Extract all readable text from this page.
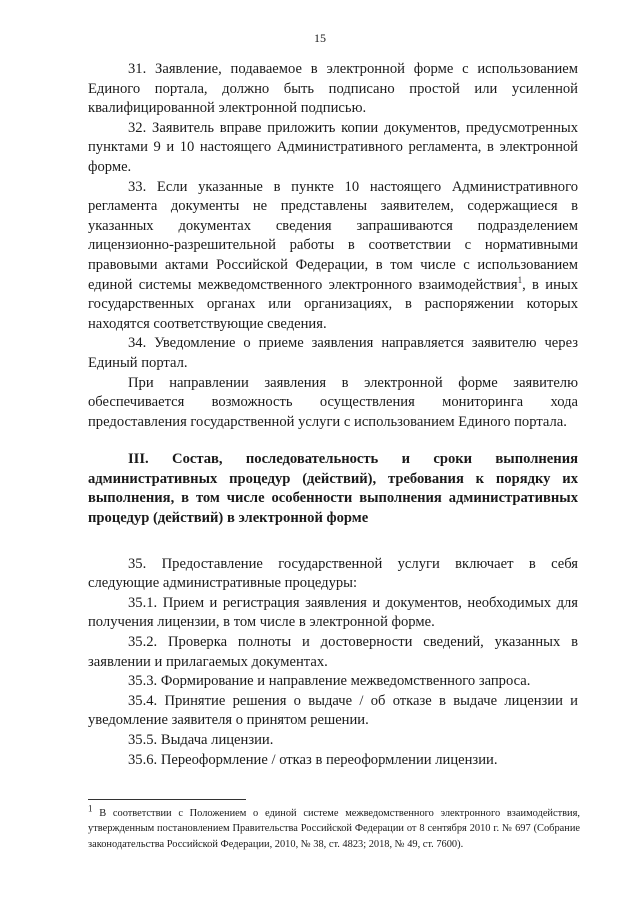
15

31. Заявление, подаваемое в электронной форме с использованием Единого портала, должно быть подписано простой или усиленной квалифицированной электронной подписью.

32. Заявитель вправе приложить копии документов, предусмотренных пунктами 9 и 10 настоящего Административного регламента, в электронной форме.

33. Если указанные в пункте 10 настоящего Административного регламента документы не представлены заявителем, содержащиеся в указанных документах сведения запрашиваются подразделением лицензионно-разрешительной работы в соответствии с нормативными правовыми актами Российской Федерации, в том числе с использованием единой системы межведомственного электронного взаимодействия$^1$, в иных государственных органах или организациях, в распоряжении которых находятся соответствующие сведения.

34. Уведомление о приеме заявления направляется заявителю через Единый портал.

При направлении заявления в электронной форме заявителю обеспечивается возможность осуществления мониторинга хода предоставления государственной услуги с использованием Единого портала.

III. Состав, последовательность и сроки выполнения административных процедур (действий), требования к порядку их выполнения, в том числе особенности выполнения административных процедур (действий) в электронной форме

35. Предоставление государственной услуги включает в себя следующие административные процедуры:

35.1. Прием и регистрация заявления и документов, необходимых для получения лицензии, в том числе в электронной форме.

35.2. Проверка полноты и достоверности сведений, указанных в заявлении и прилагаемых документах.

35.3. Формирование и направление межведомственного запроса.

35.4. Принятие решения о выдаче / об отказе в выдаче лицензии и уведомление заявителя о принятом решении.

35.5. Выдача лицензии.

35.6. Переоформление / отказ в переоформлении лицензии.

$^1$ В соответствии с Положением о единой системе межведомственного электронного взаимодействия, утвержденным постановлением Правительства Российской Федерации от 8 сентября 2010 г. № 697 (Собрание законодательства Российской Федерации, 2010, № 38, ст. 4823; 2018, № 49, ст. 7600).
